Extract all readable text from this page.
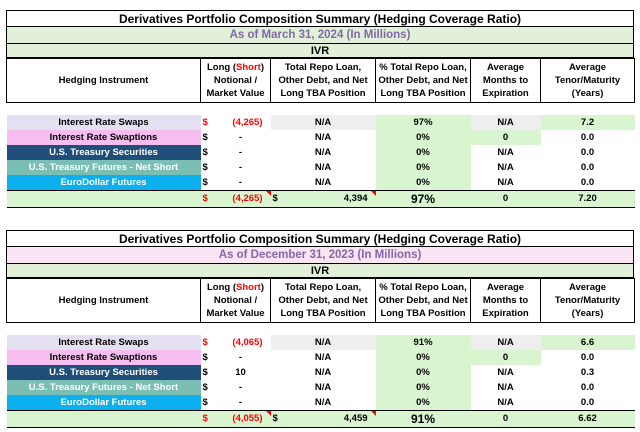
Derivatives Portfolio Composition Summary (Hedging Coverage Ratio)
As of March 31, 2024 (In Millions)
IVR
Hedging Instrument	Long (Short) Notional / Market Value		Total Repo Loan, Other Debt, and Net Long TBA Position		% Total Repo Loan, Other Debt, and Net Long TBA Position	Average Months to Expiration	Average Tenor/Maturity (Years)

Interest Rate Swaps	$	(4,265)	N/A		97%	N/A	7.2
Interest Rate Swaptions	$	-	N/A		0%	0	0.0
U.S. Treasury Securities	$	-	N/A		0%	N/A	0.0
U.S. Treasury Futures - Net Short	$	-	N/A		0%	N/A	0.0
EuroDollar Futures	$	-	N/A		0%	N/A	0.0
	$	(4,265)	$	4,394	97%	0	7.20
Derivatives Portfolio Composition Summary (Hedging Coverage Ratio)
As of December 31, 2023 (In Millions)
IVR
Hedging Instrument	Long (Short) Notional / Market Value		Total Repo Loan, Other Debt, and Net Long TBA Position		% Total Repo Loan, Other Debt, and Net Long TBA Position	Average Months to Expiration	Average Tenor/Maturity (Years)

Interest Rate Swaps	$	(4,065)	N/A		91%	N/A	6.6
Interest Rate Swaptions	$	-	N/A		0%	0	0.0
U.S. Treasury Securities	$	10	N/A		0%	N/A	0.3
U.S. Treasury Futures - Net Short	$	-	N/A		0%	N/A	0.0
EuroDollar Futures	$	-	N/A		0%	N/A	0.0
	$	(4,055)	$	4,459	91%	0	6.62
